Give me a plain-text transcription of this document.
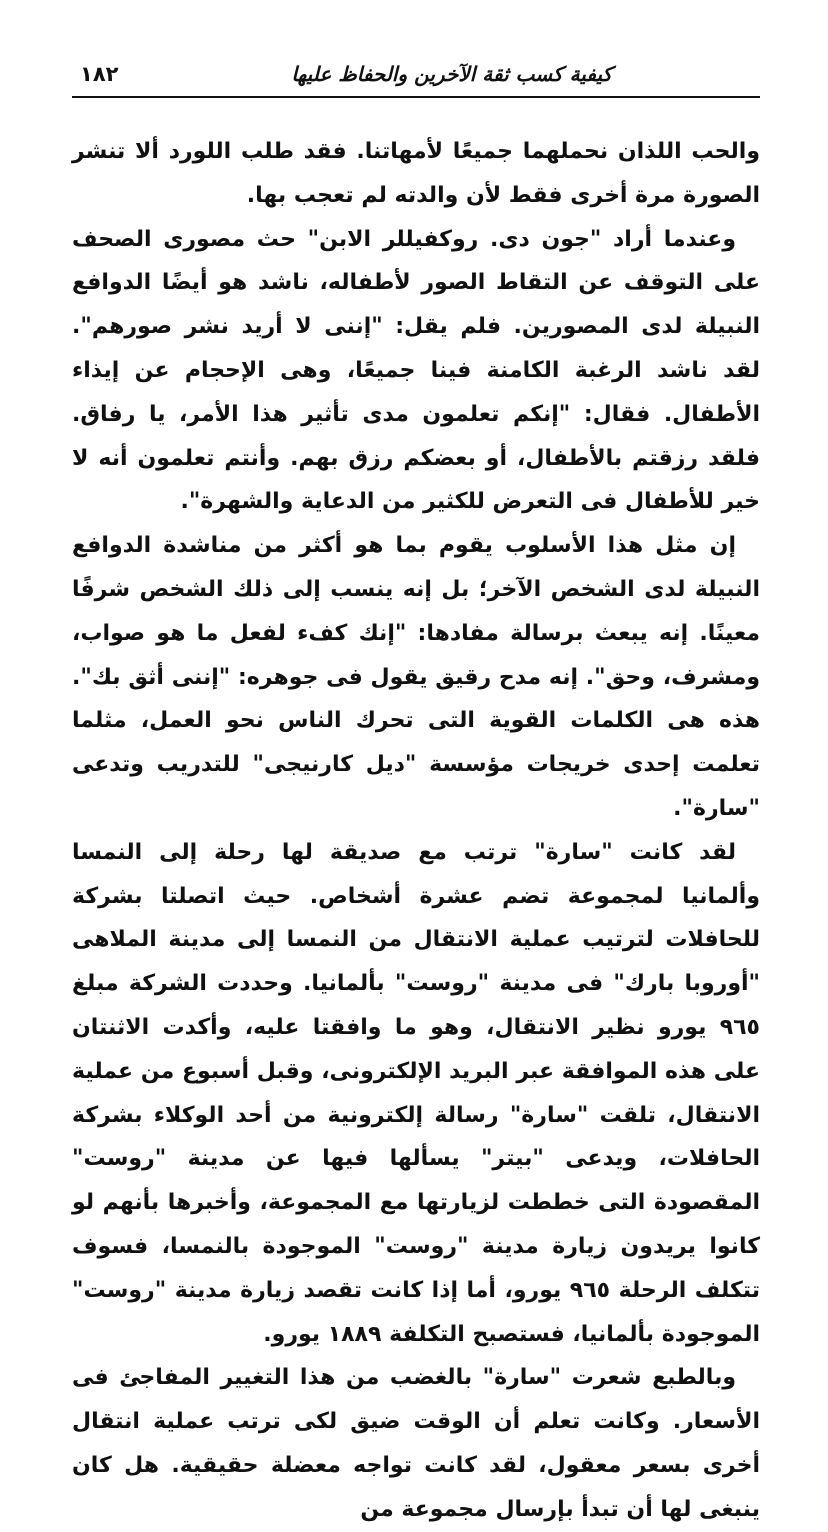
كيفية كسب ثقة الآخرين والحفاظ عليها
١٨٢

والحب اللذان نحملهما جميعًا لأمهاتنا. فقد طلب اللورد ألا تنشر الصورة مرة أخرى فقط لأن والدته لم تعجب بها.

وعندما أراد "جون دى. روكفيللر الابن" حث مصورى الصحف على التوقف عن التقاط الصور لأطفاله، ناشد هو أيضًا الدوافع النبيلة لدى المصورين. فلم يقل: "إننى لا أريد نشر صورهم". لقد ناشد الرغبة الكامنة فينا جميعًا، وهى الإحجام عن إيذاء الأطفال. فقال: "إنكم تعلمون مدى تأثير هذا الأمر، يا رفاق. فلقد رزقتم بالأطفال، أو بعضكم رزق بهم. وأنتم تعلمون أنه لا خير للأطفال فى التعرض للكثير من الدعاية والشهرة".

إن مثل هذا الأسلوب يقوم بما هو أكثر من مناشدة الدوافع النبيلة لدى الشخص الآخر؛ بل إنه ينسب إلى ذلك الشخص شرفًا معينًا. إنه يبعث برسالة مفادها: "إنك كفء لفعل ما هو صواب، ومشرف، وحق". إنه مدح رقيق يقول فى جوهره: "إننى أثق بك". هذه هى الكلمات القوية التى تحرك الناس نحو العمل، مثلما تعلمت إحدى خريجات مؤسسة "ديل كارنيجى" للتدريب وتدعى "سارة".

لقد كانت "سارة" ترتب مع صديقة لها رحلة إلى النمسا وألمانيا لمجموعة تضم عشرة أشخاص. حيث اتصلتا بشركة للحافلات لترتيب عملية الانتقال من النمسا إلى مدينة الملاهى "أوروبا بارك" فى مدينة "روست" بألمانيا. وحددت الشركة مبلغ ٩٦٥ يورو نظير الانتقال، وهو ما وافقتا عليه، وأكدت الاثنتان على هذه الموافقة عبر البريد الإلكترونى، وقبل أسبوع من عملية الانتقال، تلقت "سارة" رسالة إلكترونية من أحد الوكلاء بشركة الحافلات، ويدعى "بيتر" يسألها فيها عن مدينة "روست" المقصودة التى خططت لزيارتها مع المجموعة، وأخبرها بأنهم لو كانوا يريدون زيارة مدينة "روست" الموجودة بالنمسا، فسوف تتكلف الرحلة ٩٦٥ يورو، أما إذا كانت تقصد زيارة مدينة "روست" الموجودة بألمانيا، فستصبح التكلفة ١٨٨٩ يورو.

وبالطبع شعرت "سارة" بالغضب من هذا التغيير المفاجئ فى الأسعار. وكانت تعلم أن الوقت ضيق لكى ترتب عملية انتقال أخرى بسعر معقول، لقد كانت تواجه معضلة حقيقية. هل كان ينبغى لها أن تبدأ بإرسال مجموعة من
